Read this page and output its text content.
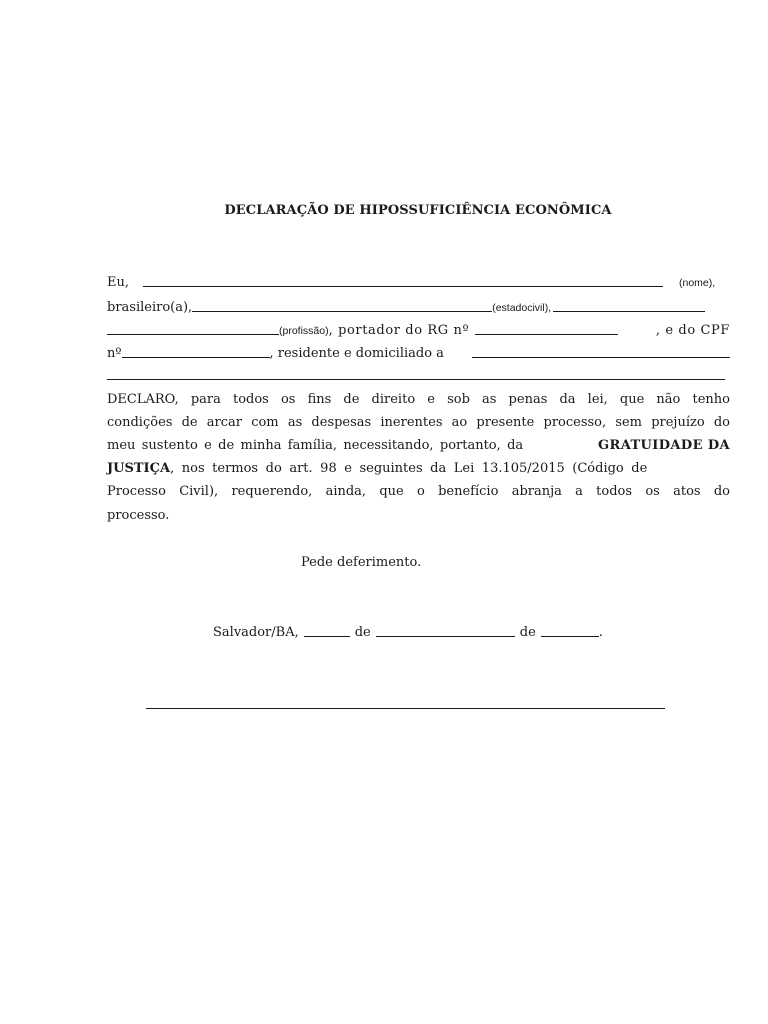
DECLARAÇÃO DE HIPOSSUFICIÊNCIA ECONÔMICA
Eu,	(nome),
brasileiro(a),	(estadocivil),
(profissão) , portador do RG nº	, e do CPF
nº	, residente e domiciliado a
DECLARO, para todos os fins de direito e sob as penas da lei, que não tenho
condições de arcar com as despesas inerentes ao presente processo, sem prejuízo do
meu sustento e de minha família, necessitando, portanto, da	GRATUIDADE DA
JUSTIÇA , nos termos do art. 98 e seguintes da Lei 13.105/2015 (Código de
Processo Civil), requerendo, ainda, que o benefício abranja a todos os atos do
processo.
Pede deferimento.
Salvador/BA,	de	de	.
